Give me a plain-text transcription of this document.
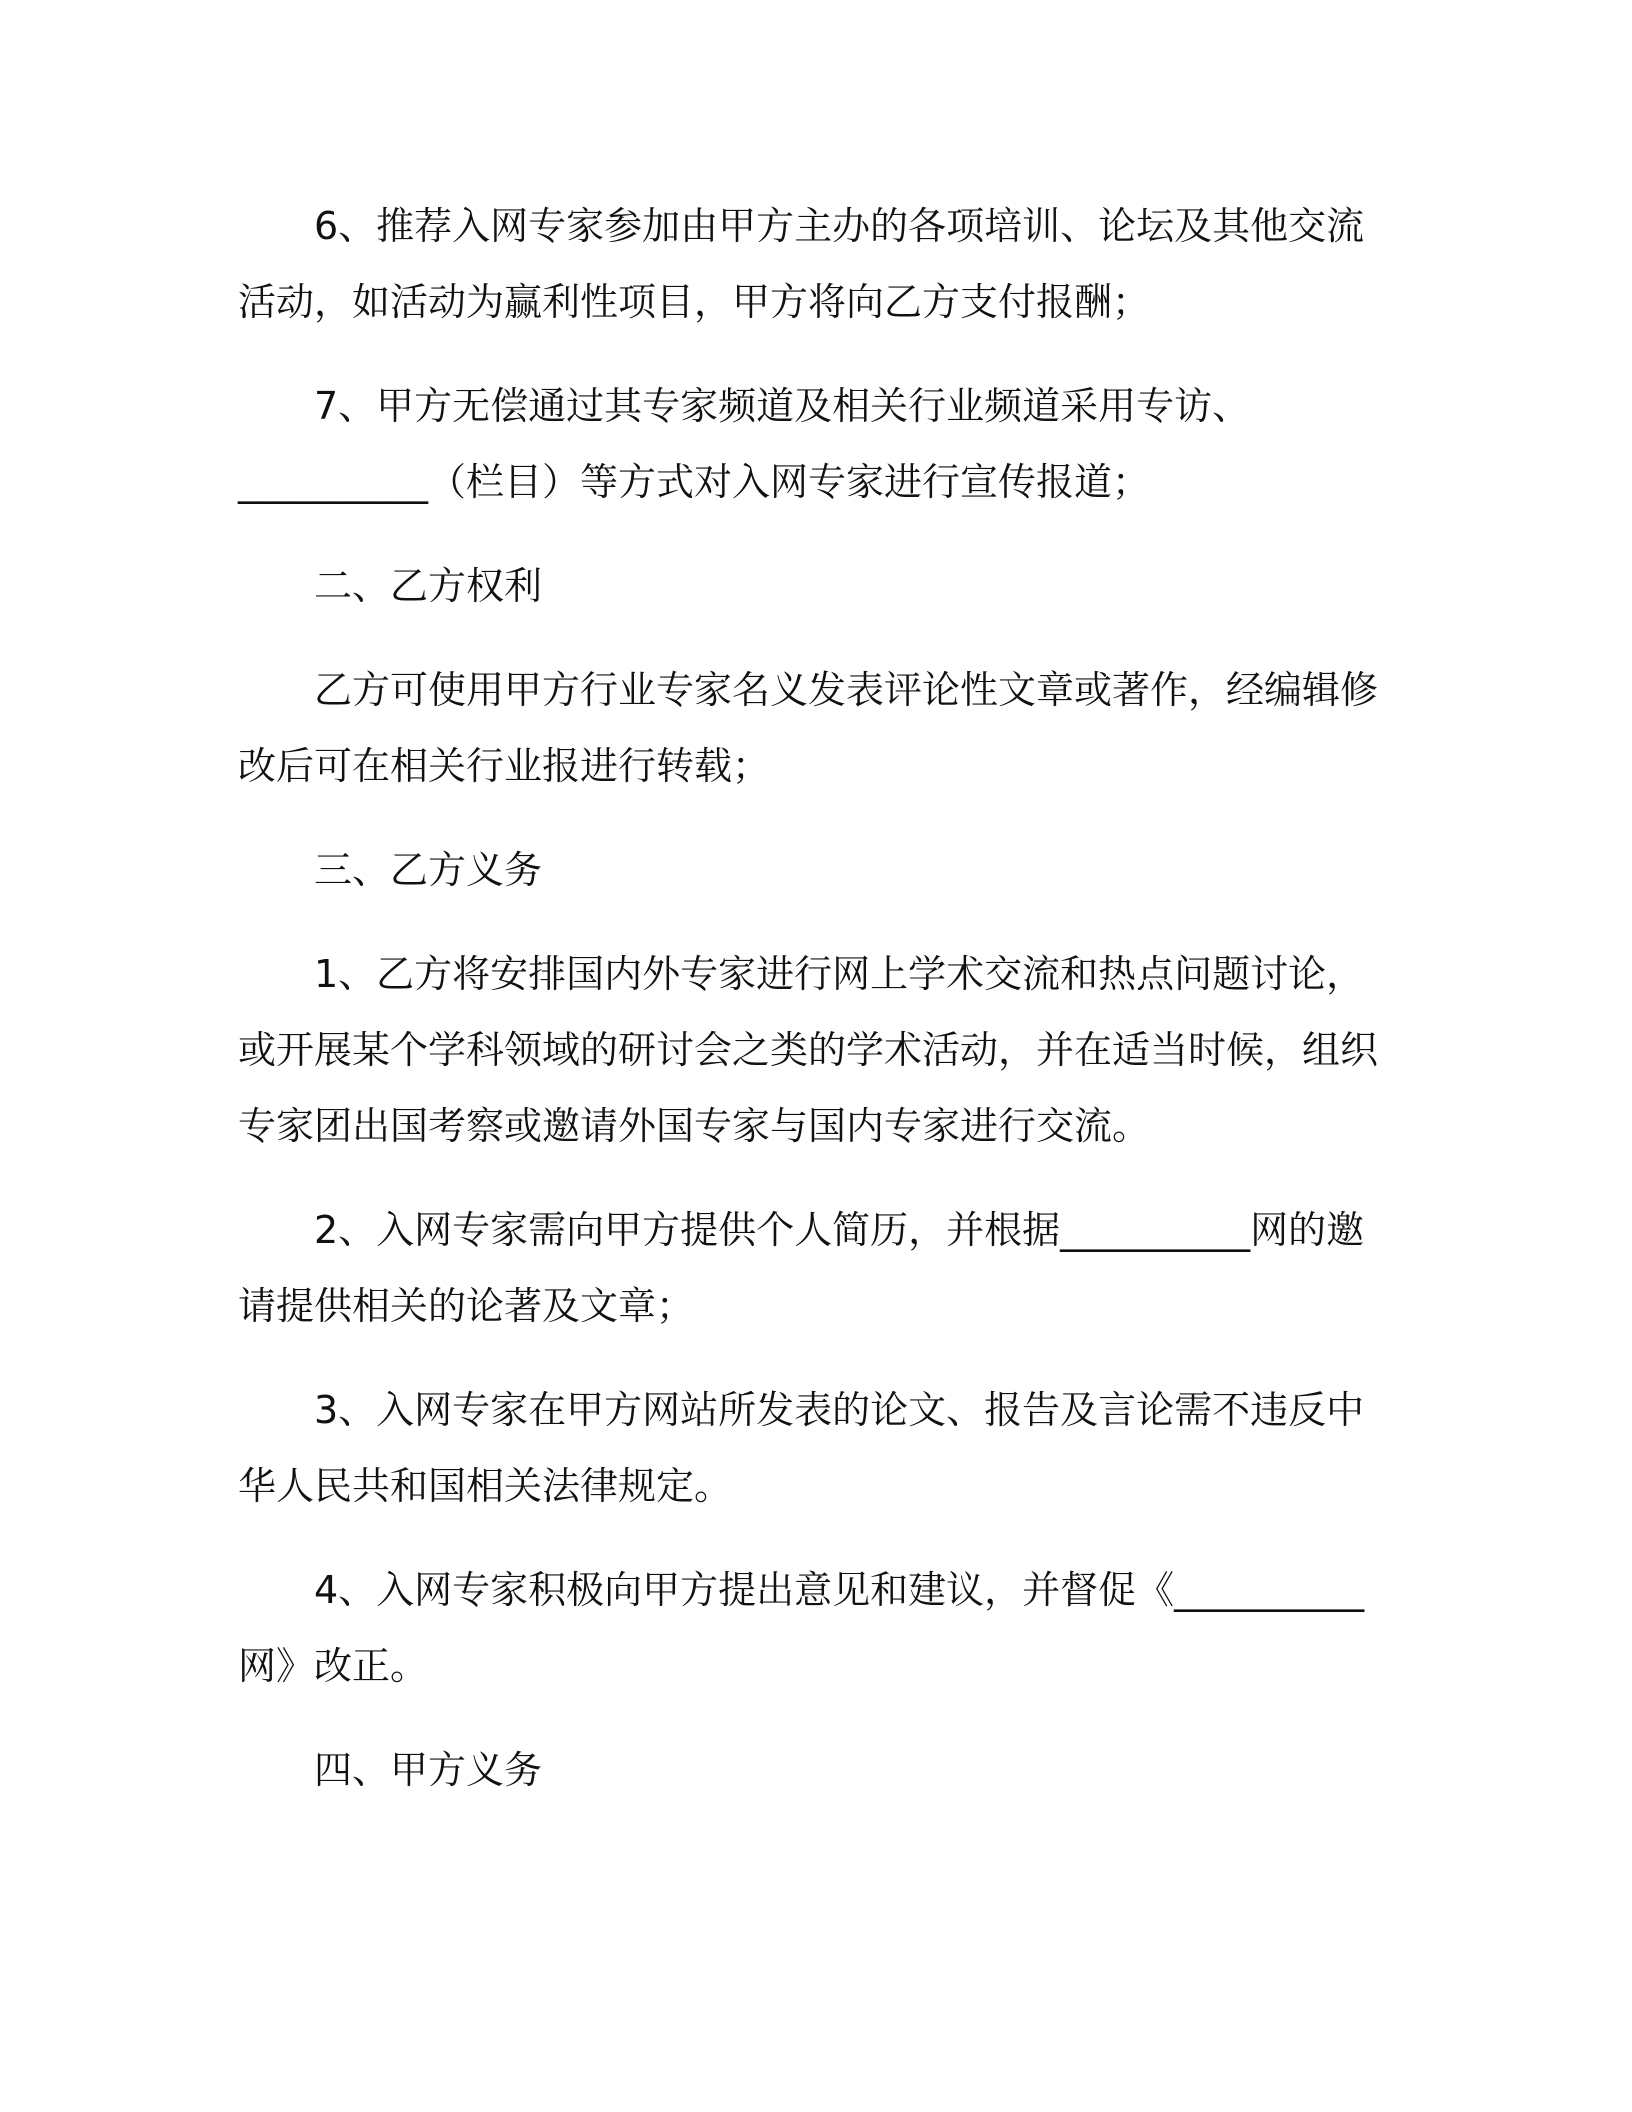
6、推荐入网专家参加由甲方主办的各项培训、论坛及其他交流活动，如活动为赢利性项目，甲方将向乙方支付报酬；

7、甲方无偿通过其专家频道及相关行业频道采用专访、__________（栏目）等方式对入网专家进行宣传报道；

二、乙方权利

乙方可使用甲方行业专家名义发表评论性文章或著作，经编辑修改后可在相关行业报进行转载；

三、乙方义务

1、乙方将安排国内外专家进行网上学术交流和热点问题讨论，或开展某个学科领域的研讨会之类的学术活动，并在适当时候，组织专家团出国考察或邀请外国专家与国内专家进行交流。

2、入网专家需向甲方提供个人简历，并根据__________网的邀请提供相关的论著及文章；

3、入网专家在甲方网站所发表的论文、报告及言论需不违反中华人民共和国相关法律规定。

4、入网专家积极向甲方提出意见和建议，并督促《__________网》改正。

四、甲方义务
